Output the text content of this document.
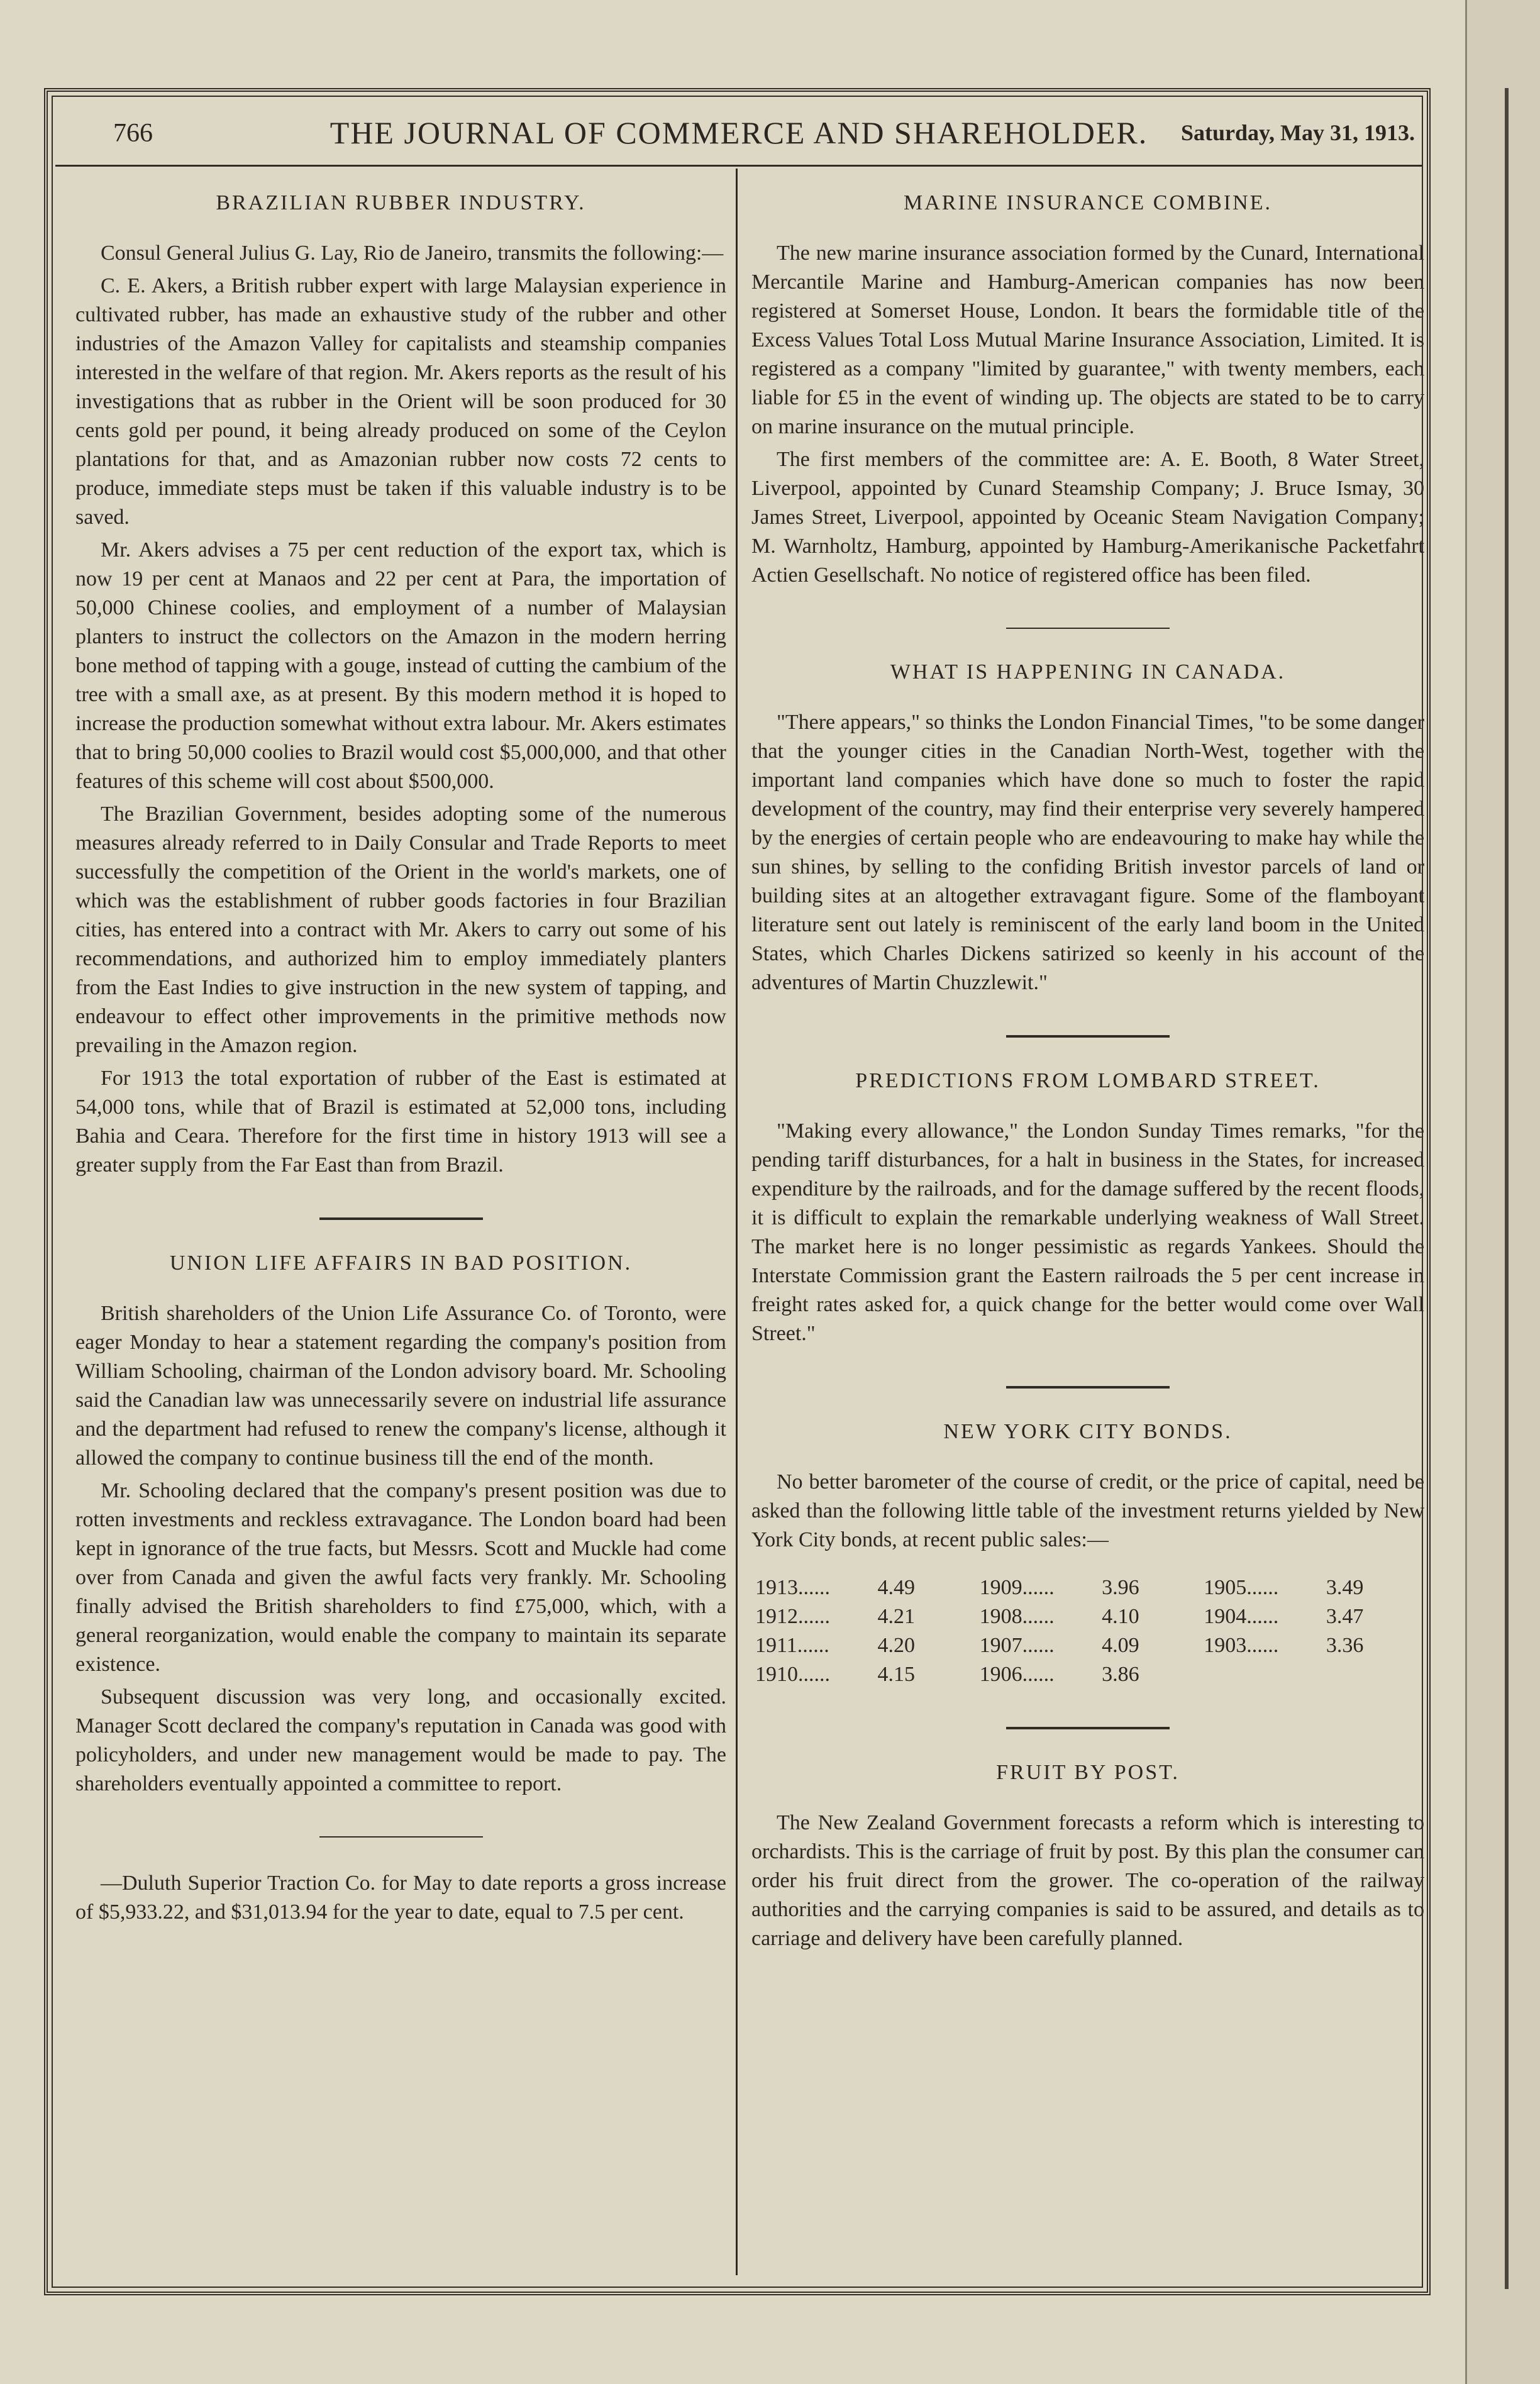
766	THE JOURNAL OF COMMERCE AND SHAREHOLDER.	Saturday, May 31, 1913.
BRAZILIAN RUBBER INDUSTRY.

Consul General Julius G. Lay, Rio de Janeiro, transmits the following:—

C. E. Akers, a British rubber expert with large Malaysian experience in cultivated rubber, has made an exhaustive study of the rubber and other industries of the Amazon Valley for capitalists and steamship companies interested in the welfare of that region. Mr. Akers reports as the result of his investigations that as rubber in the Orient will be soon produced for 30 cents gold per pound, it being already produced on some of the Ceylon plantations for that, and as Amazonian rubber now costs 72 cents to produce, immediate steps must be taken if this valuable industry is to be saved.

Mr. Akers advises a 75 per cent reduction of the export tax, which is now 19 per cent at Manaos and 22 per cent at Para, the importation of 50,000 Chinese coolies, and employment of a number of Malaysian planters to instruct the collectors on the Amazon in the modern herring bone method of tapping with a gouge, instead of cutting the cambium of the tree with a small axe, as at present. By this modern method it is hoped to increase the production somewhat without extra labour. Mr. Akers estimates that to bring 50,000 coolies to Brazil would cost $5,000,000, and that other features of this scheme will cost about $500,000.

The Brazilian Government, besides adopting some of the numerous measures already referred to in Daily Consular and Trade Reports to meet successfully the competition of the Orient in the world's markets, one of which was the establishment of rubber goods factories in four Brazilian cities, has entered into a contract with Mr. Akers to carry out some of his recommendations, and authorized him to employ immediately planters from the East Indies to give instruction in the new system of tapping, and endeavour to effect other improvements in the primitive methods now prevailing in the Amazon region.

For 1913 the total exportation of rubber of the East is estimated at 54,000 tons, while that of Brazil is estimated at 52,000 tons, including Bahia and Ceara. Therefore for the first time in history 1913 will see a greater supply from the Far East than from Brazil.

UNION LIFE AFFAIRS IN BAD POSITION.

British shareholders of the Union Life Assurance Co. of Toronto, were eager Monday to hear a statement regarding the company's position from William Schooling, chairman of the London advisory board. Mr. Schooling said the Canadian law was unnecessarily severe on industrial life assurance and the department had refused to renew the company's license, although it allowed the company to continue business till the end of the month.

Mr. Schooling declared that the company's present position was due to rotten investments and reckless extravagance. The London board had been kept in ignorance of the true facts, but Messrs. Scott and Muckle had come over from Canada and given the awful facts very frankly. Mr. Schooling finally advised the British shareholders to find £75,000, which, with a general reorganization, would enable the company to maintain its separate existence.

Subsequent discussion was very long, and occasionally excited. Manager Scott declared the company's reputation in Canada was good with policyholders, and under new management would be made to pay. The shareholders eventually appointed a committee to report.

—Duluth Superior Traction Co. for May to date reports a gross increase of $5,933.22, and $31,013.94 for the year to date, equal to 7.5 per cent.

MARINE INSURANCE COMBINE.

The new marine insurance association formed by the Cunard, International Mercantile Marine and Hamburg-American companies has now been registered at Somerset House, London. It bears the formidable title of the Excess Values Total Loss Mutual Marine Insurance Association, Limited. It is registered as a company "limited by guarantee," with twenty members, each liable for £5 in the event of winding up. The objects are stated to be to carry on marine insurance on the mutual principle.

The first members of the committee are: A. E. Booth, 8 Water Street, Liverpool, appointed by Cunard Steamship Company; J. Bruce Ismay, 30 James Street, Liverpool, appointed by Oceanic Steam Navigation Company; M. Warnholtz, Hamburg, appointed by Hamburg-Amerikanische Packetfahrt Actien Gesellschaft. No notice of registered office has been filed.

WHAT IS HAPPENING IN CANADA.

"There appears," so thinks the London Financial Times, "to be some danger that the younger cities in the Canadian North-West, together with the important land companies which have done so much to foster the rapid development of the country, may find their enterprise very severely hampered by the energies of certain people who are endeavouring to make hay while the sun shines, by selling to the confiding British investor parcels of land or building sites at an altogether extravagant figure. Some of the flamboyant literature sent out lately is reminiscent of the early land boom in the United States, which Charles Dickens satirized so keenly in his account of the adventures of Martin Chuzzlewit."

PREDICTIONS FROM LOMBARD STREET.

"Making every allowance," the London Sunday Times remarks, "for the pending tariff disturbances, for a halt in business in the States, for increased expenditure by the railroads, and for the damage suffered by the recent floods, it is difficult to explain the remarkable underlying weakness of Wall Street. The market here is no longer pessimistic as regards Yankees. Should the Interstate Commission grant the Eastern railroads the 5 per cent increase in freight rates asked for, a quick change for the better would come over Wall Street."

NEW YORK CITY BONDS.

No better barometer of the course of credit, or the price of capital, need be asked than the following little table of the investment returns yielded by New York City bonds, at recent public sales:—

1913......	4.49	1909......	3.96	1905......	3.49
1912......	4.21	1908......	4.10	1904......	3.47
1911......	4.20	1907......	4.09	1903......	3.36
1910......	4.15	1906......	3.86		
FRUIT BY POST.

The New Zealand Government forecasts a reform which is interesting to orchardists. This is the carriage of fruit by post. By this plan the consumer can order his fruit direct from the grower. The co-operation of the railway authorities and the carrying companies is said to be assured, and details as to carriage and delivery have been carefully planned.
